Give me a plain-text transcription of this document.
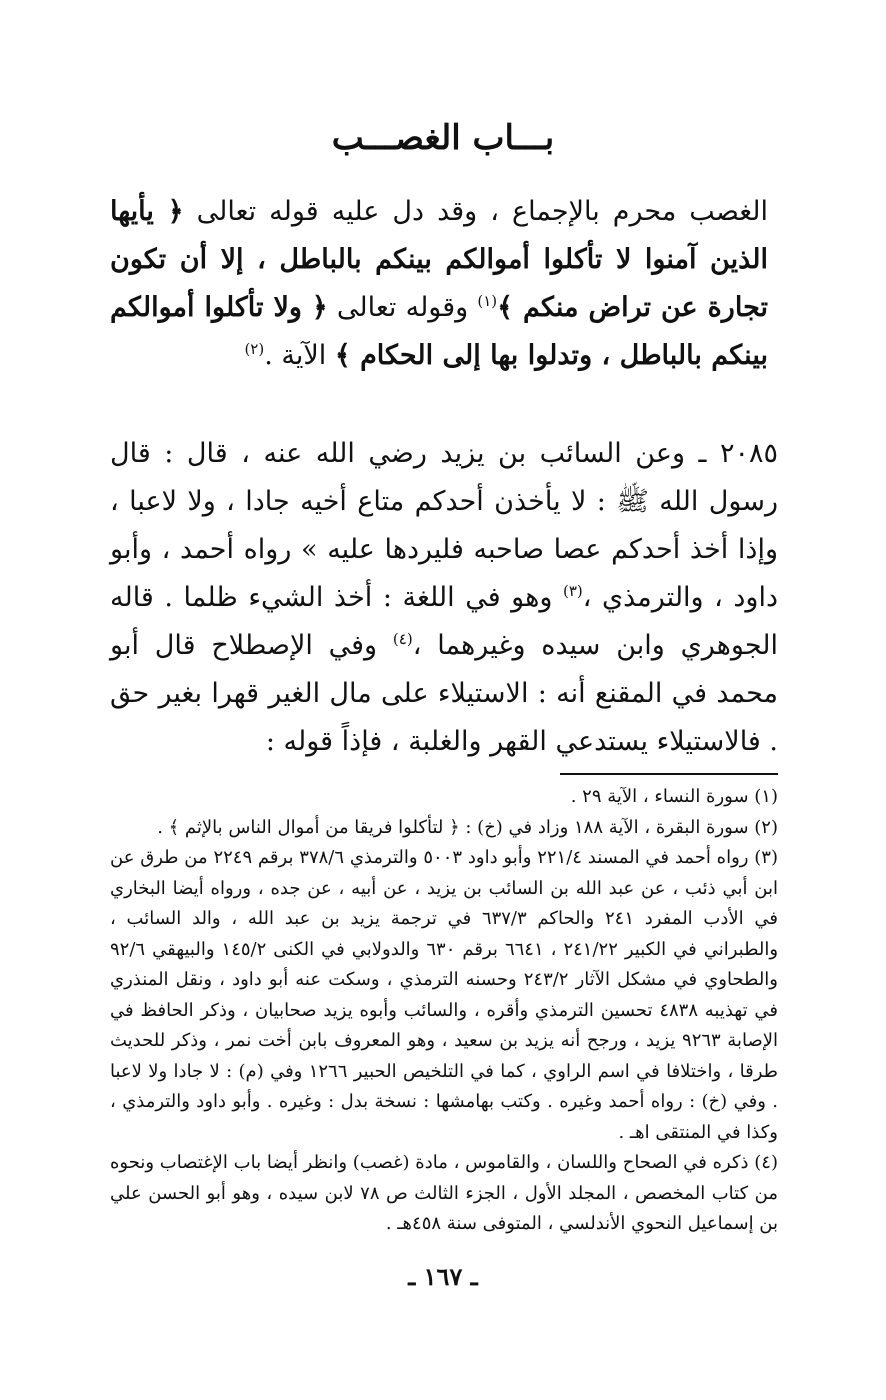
بـــاب الغصـــب
الغصب محرم بالإجماع ، وقد دل عليه قوله تعالى ﴿ يأيها الذين آمنوا لا تأكلوا أموالكم بينكم بالباطل ، إلا أن تكون تجارة عن تراض منكم ﴾$^{(١)}$ وقوله تعالى ﴿ ولا تأكلوا أموالكم بينكم بالباطل ، وتدلوا بها إلى الحكام ﴾ الآية .$^{(٢)}$
٢٠٨٥ ـ وعن السائب بن يزيد رضي الله عنه ، قال : قال رسول الله ﷺ : لا يأخذن أحدكم متاع أخيه جادا ، ولا لاعبا ، وإذا أخذ أحدكم عصا صاحبه فليردها عليه » رواه أحمد ، وأبو داود ، والترمذي ،$^{(٣)}$ وهو في اللغة : أخذ الشيء ظلما . قاله الجوهري وابن سيده وغيرهما ،$^{(٤)}$ وفي الإصطلاح قال أبو محمد في المقنع أنه : الاستيلاء على مال الغير قهرا بغير حق . فالاستيلاء يستدعي القهر والغلبة ، فإذاً قوله :

(١) سورة النساء ، الآية ٢٩ .

(٢) سورة البقرة ، الآية ١٨٨ وزاد في (خ) : ﴿ لتأكلوا فريقا من أموال الناس بالإثم ﴾ .

(٣) رواه أحمد في المسند ٢٢١/٤ وأبو داود ٥٠٠٣ والترمذي ٣٧٨/٦ برقم ٢٢٤٩ من طرق عن ابن أبي ذئب ، عن عبد الله بن السائب بن يزيد ، عن أبيه ، عن جده ، ورواه أيضا البخاري في الأدب المفرد ٢٤١ والحاكم ٦٣٧/٣ في ترجمة يزيد بن عبد الله ، والد السائب ، والطبراني في الكبير ٢٤١/٢٢ ، ٦٦٤١ برقم ٦٣٠ والدولابي في الكنى ١٤٥/٢ والبيهقي ٩٢/٦ والطحاوي في مشكل الآثار ٢٤٣/٢ وحسنه الترمذي ، وسكت عنه أبو داود ، ونقل المنذري في تهذيبه ٤٨٣٨ تحسين الترمذي وأقره ، والسائب وأبوه يزيد صحابيان ، وذكر الحافظ في الإصابة ٩٢٦٣ يزيد ، ورجح أنه يزيد بن سعيد ، وهو المعروف بابن أخت نمر ، وذكر للحديث طرقا ، واختلافا في اسم الراوي ، كما في التلخيص الحبير ١٢٦٦ وفي (م) : لا جادا ولا لاعبا . وفي (خ) : رواه أحمد وغيره . وكتب بهامشها : نسخة بدل : وغيره . وأبو داود والترمذي ، وكذا في المنتقى اهـ .

(٤) ذكره في الصحاح واللسان ، والقاموس ، مادة (غصب) وانظر أيضا باب الإغتصاب ونحوه من كتاب المخصص ، المجلد الأول ، الجزء الثالث ص ٧٨ لابن سيده ، وهو أبو الحسن علي بن إسماعيل النحوي الأندلسي ، المتوفى سنة ٤٥٨هـ .

ـ ١٦٧ ـ
